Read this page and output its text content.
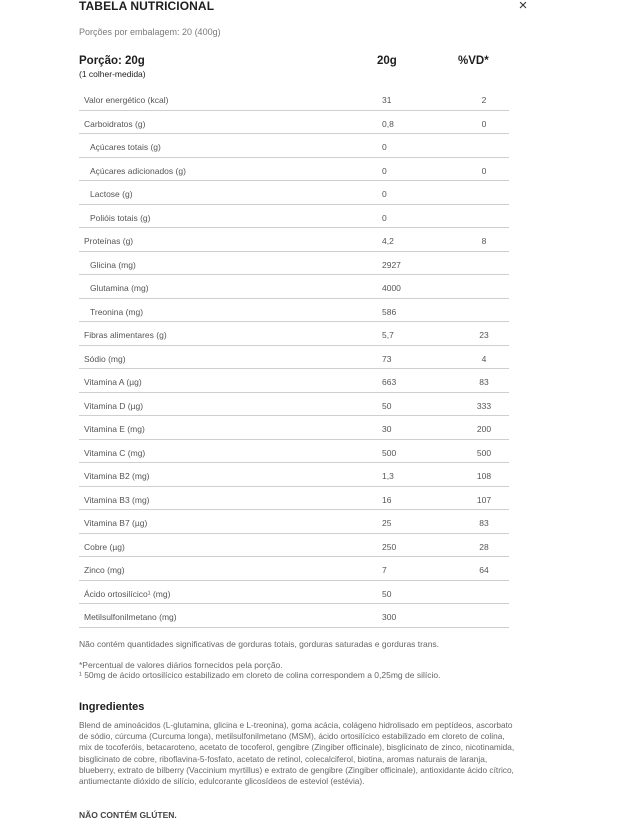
TABELA NUTRICIONAL	×
Porções por embalagem: 20 (400g)
Porção: 20g
(1 colher-medida)
20g	%VD*
Valor energético (kcal)	31	2
Carboidratos (g)	0,8	0
Açúcares totais (g)	0
Açúcares adicionados (g)	0	0
Lactose (g)	0
Polióis totais (g)	0
Proteínas (g)	4,2	8
Glicina (mg)	2927
Glutamina (mg)	4000
Treonina (mg)	586
Fibras alimentares (g)	5,7	23
Sódio (mg)	73	4
Vitamina A (µg)	663	83
Vitamina D (µg)	50	333
Vitamina E (mg)	30	200
Vitamina C (mg)	500	500
Vitamina B2 (mg)	1,3	108
Vitamina B3 (mg)	16	107
Vitamina B7 (µg)	25	83
Cobre (µg)	250	28
Zinco (mg)	7	64
Ácido ortosilícico¹ (mg)	50
Metilsulfonilmetano (mg)	300
Não contém quantidades significativas de gorduras totais, gorduras saturadas e gorduras trans.
*Percentual de valores diários fornecidos pela porção.
¹ 50mg de ácido ortosilícico estabilizado em cloreto de colina correspondem a 0,25mg de silício.
Ingredientes
Blend de aminoácidos (L-glutamina, glicina e L-treonina), goma acácia, colágeno hidrolisado em peptídeos, ascorbato de sódio, cúrcuma (Curcuma longa), metilsulfonilmetano (MSM), ácido ortosilícico estabilizado em cloreto de colina, mix de tocoferóis, betacaroteno, acetato de tocoferol, gengibre (Zingiber officinale), bisglicinato de zinco, nicotinamida, bisglicinato de cobre, riboflavina-5-fosfato, acetato de retinol, colecalciferol, biotina, aromas naturais de laranja, blueberry, extrato de bilberry (Vaccinium myrtillus) e extrato de gengibre (Zingiber officinale), antioxidante ácido cítrico, antiumectante dióxido de silício, edulcorante glicosídeos de esteviol (estévia).
NÃO CONTÉM GLÚTEN.
